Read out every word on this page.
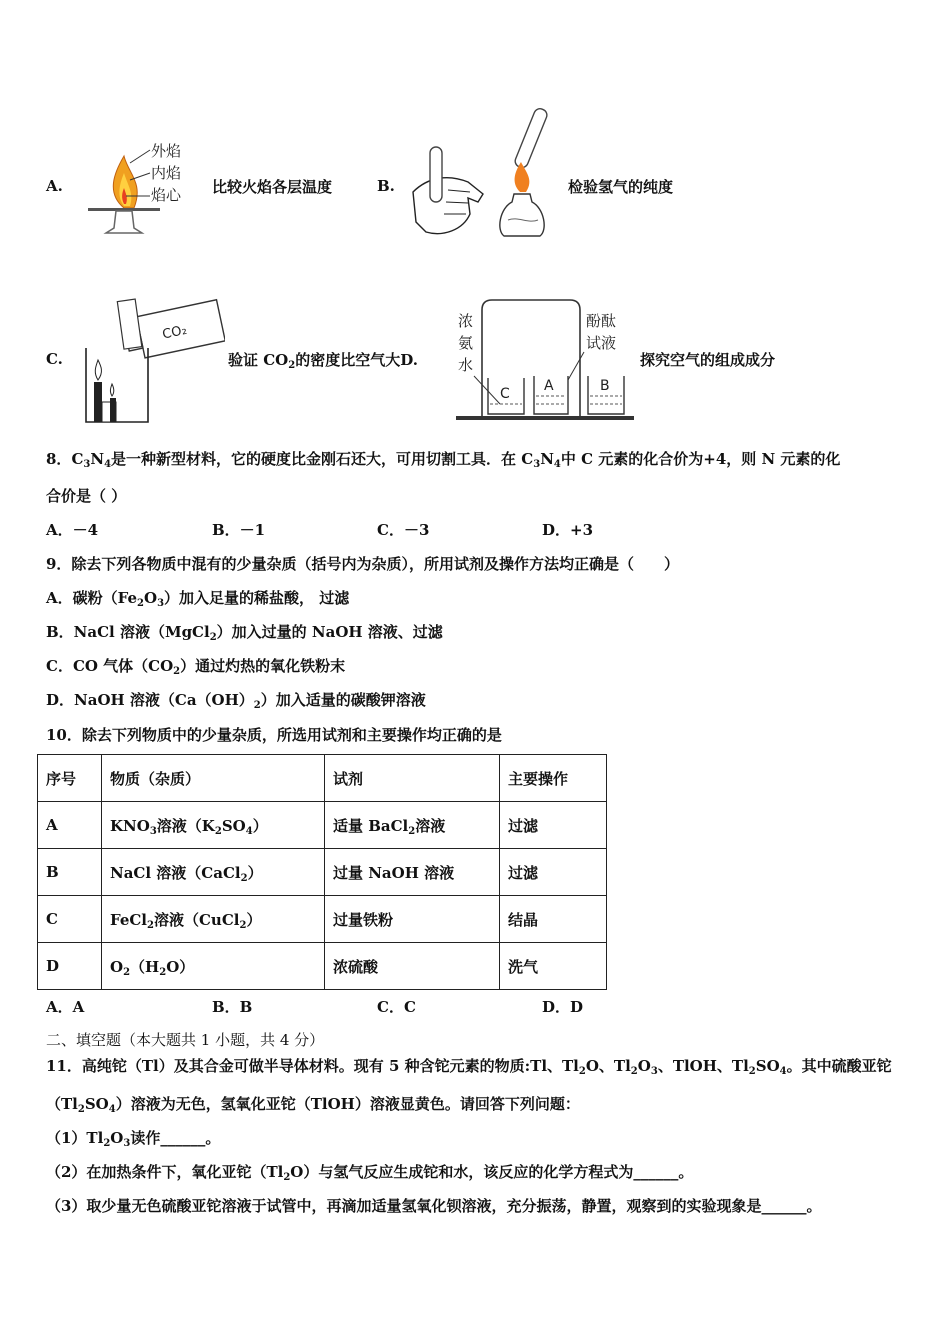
A.
外焰
内焰
焰心 比较火焰各层温度	B.	检验氢气的纯度
C.
CO₂
验证 $CO_2$的密度比空气大D.
浓
氨
水
酚酞
试液
C A	B
探究空气的组成成分
8．$C_3N_4$是一种新型材料，它的硬度比金刚石还大，可用切割工具．在 $C_3N_4$中 C 元素的化合价为+4，则 N 元素的化
合价是（ ）
A．－4	B．－1	C．－3	D．+3
9．除去下列各物质中混有的少量杂质（括号内为杂质），所用试剂及操作方法均正确是（　　）
A．碳粉$(Fe_2O_3)$加入足量的稀盐酸， 过滤
B．NaCl 溶液（MgCl$_2$）加入过量的 NaOH 溶液、过滤
C．CO 气体$(CO_2)$通过灼热的氧化铁粉末
D．NaOH 溶液$(Ca(OH)_2)$加入适量的碳酸钾溶液
10．除去下列物质中的少量杂质，所选用试剂和主要操作均正确的是
序号	物质（杂质）	试剂	主要操作
A	$KNO_3$溶液$(K_2SO_4)$	适量 BaCl$_2$溶液	过滤
B	NaCl 溶液（CaCl$_2$）	过量 NaOH 溶液	过滤
C	FeCl$_2$溶液（CuCl$_2$）	过量铁粉	结晶
D	$O_2(H_2O)$	浓硫酸	洗气
A．A	B．B	C．C	D．D
二、填空题（本大题共 1 小题，共 4 分）
11．高纯铊（Tl）及其合金可做半导体材料。现有 5 种含铊元素的物质:Tl、$Tl_2O$、$Tl_2O_3$、TlOH、$Tl_2SO_4$。其中硫酸亚铊
$(Tl_2SO_4)$溶液为无色，氢氧化亚铊（TlOH）溶液显黄色。请回答下列问题：
$(1)Tl_2O_3$读作______。
（2）在加热条件下，氧化亚铊$(Tl_2O)$与氢气反应生成铊和水，该反应的化学方程式为______。
（3）取少量无色硫酸亚铊溶液于试管中，再滴加适量氢氧化钡溶液，充分振荡，静置，观察到的实验现象是______。
